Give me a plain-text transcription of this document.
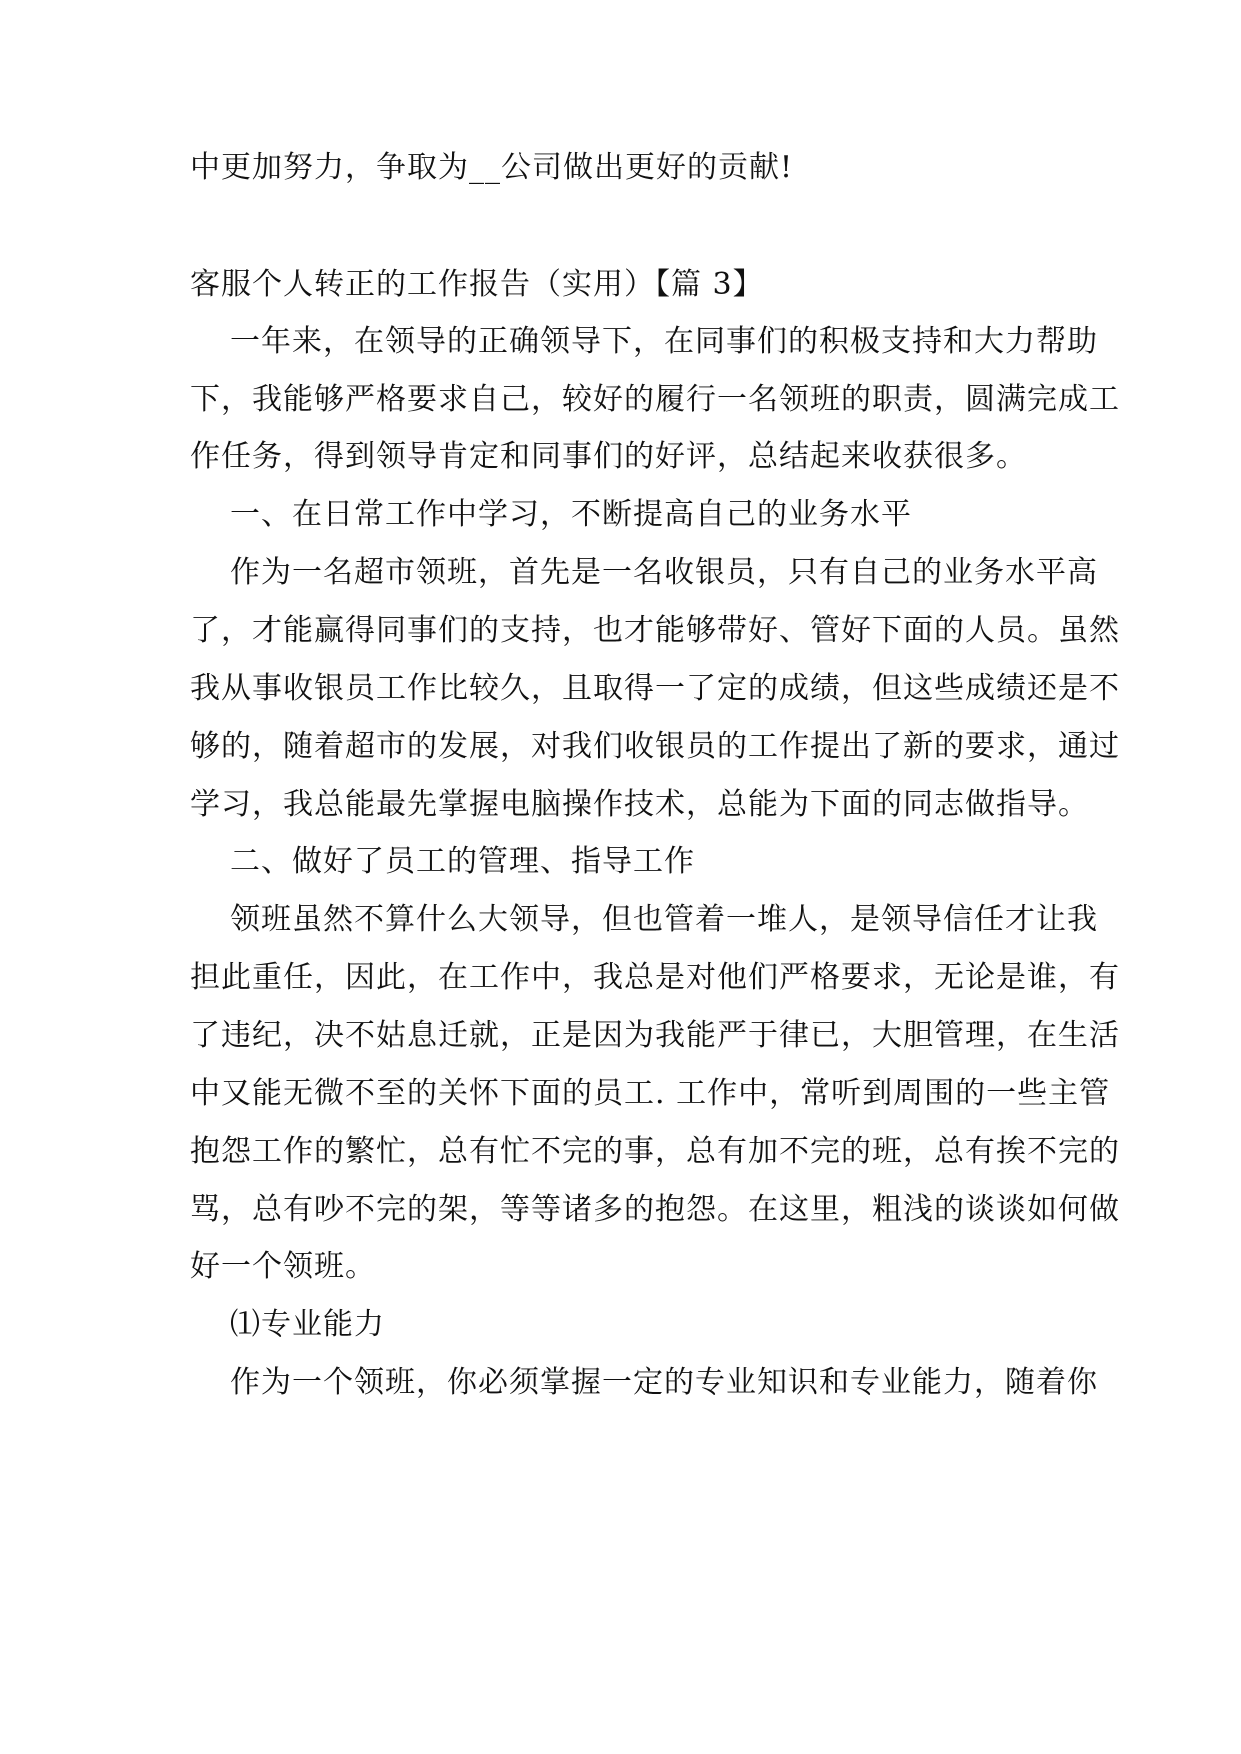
中更加努力，争取为__公司做出更好的贡献!
客服个人转正的工作报告（实用）【篇 3】
一年来，在领导的正确领导下，在同事们的积极支持和大力帮助
下，我能够严格要求自己，较好的履行一名领班的职责，圆满完成工
作任务，得到领导肯定和同事们的好评，总结起来收获很多。
一、在日常工作中学习，不断提高自己的业务水平
作为一名超市领班，首先是一名收银员，只有自己的业务水平高
了，才能赢得同事们的支持，也才能够带好、管好下面的人员。虽然
我从事收银员工作比较久，且取得一了定的成绩，但这些成绩还是不
够的，随着超市的发展，对我们收银员的工作提出了新的要求，通过
学习，我总能最先掌握电脑操作技术，总能为下面的同志做指导。
二、做好了员工的管理、指导工作
领班虽然不算什么大领导，但也管着一堆人，是领导信任才让我
担此重任，因此，在工作中，我总是对他们严格要求，无论是谁，有
了违纪，决不姑息迁就，正是因为我能严于律已，大胆管理，在生活
中又能无微不至的关怀下面的员工. 工作中，常听到周围的一些主管
抱怨工作的繁忙，总有忙不完的事，总有加不完的班，总有挨不完的
骂，总有吵不完的架，等等诸多的抱怨。在这里，粗浅的谈谈如何做
好一个领班。
⑴专业能力
作为一个领班，你必须掌握一定的专业知识和专业能力，随着你
